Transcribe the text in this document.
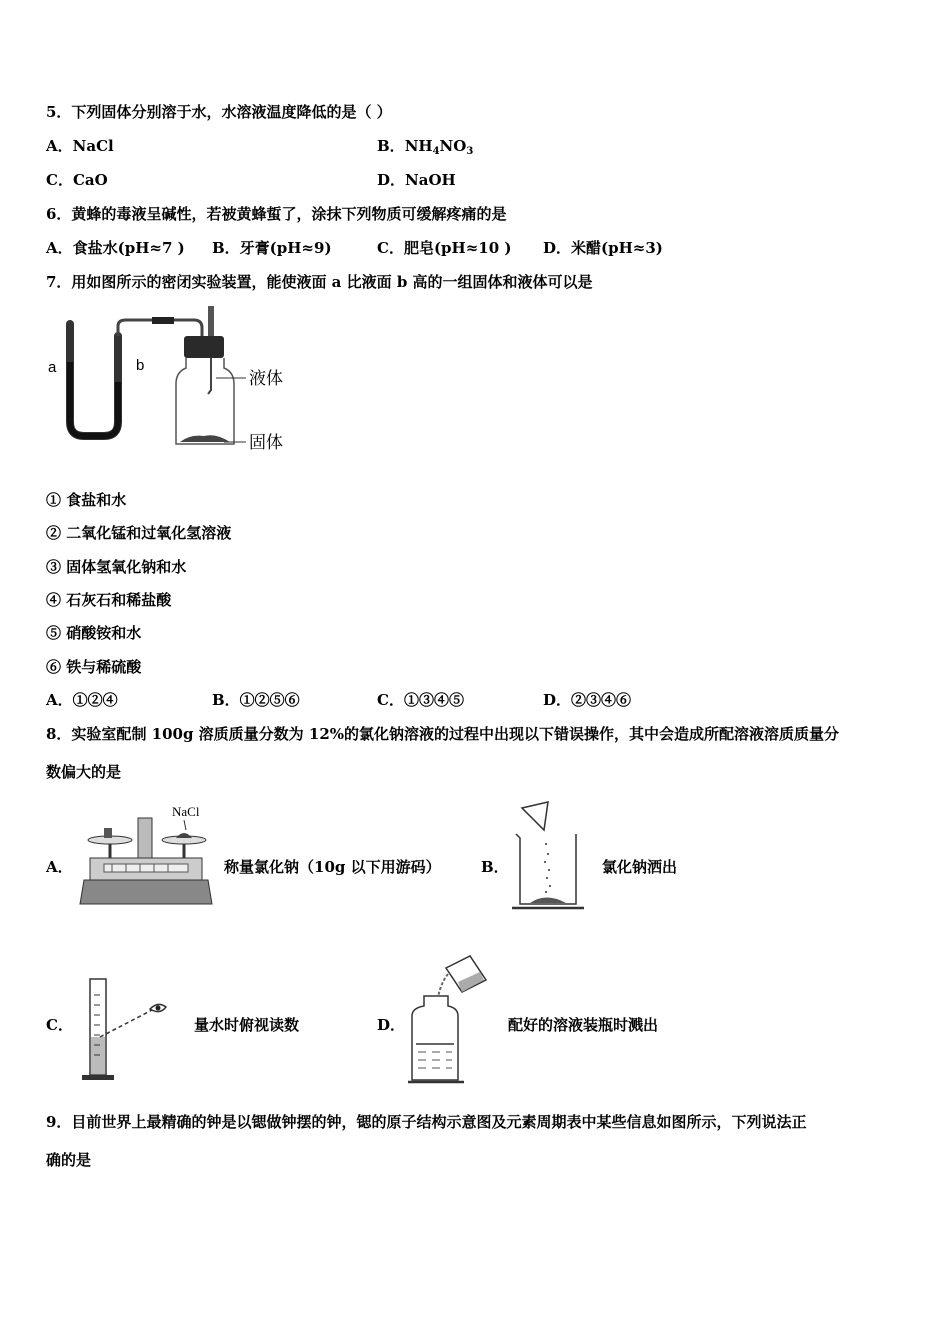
5．下列固体分别溶于水，水溶液温度降低的是（ ）
A．NaCl	B．$NH_4NO_3$
C．CaO	D．NaOH
6．黄蜂的毒液呈碱性，若被黄蜂蜇了，涂抹下列物质可缓解疼痛的是
A．食盐水(pH≈7 ) B．牙膏(pH≈9)	C．肥皂(pH≈10 ) D．米醋(pH≈3)
7．用如图所示的密闭实验装置，能使液面 a 比液面 b 高的一组固体和液体可以是
a	b
液体
固体
① 食盐和水
② 二氧化锰和过氧化氢溶液
③ 固体氢氧化钠和水
④ 石灰石和稀盐酸
⑤ 硝酸铵和水
⑥ 铁与稀硫酸
A．①②④	B．①②⑤⑥	C．①③④⑤	D．②③④⑥
8．实验室配制 100g 溶质质量分数为 12%的氯化钠溶液的过程中出现以下错误操作，其中会造成所配溶液溶质质量分
数偏大的是
A．
NaCl
称量氯化钠（10g 以下用游码）	B．	氯化钠洒出
C．	量水时俯视读数	D．	配好的溶液装瓶时溅出
9．目前世界上最精确的钟是以锶做钟摆的钟，锶的原子结构示意图及元素周期表中某些信息如图所示，下列说法正
确的是
